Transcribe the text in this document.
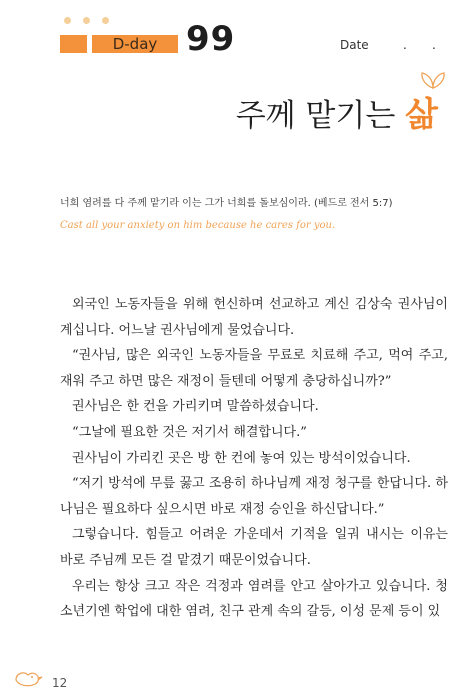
D-day 99	Date	. .
주께 맡기는 삶
너희 염려를 다 주께 맡기라 이는 그가 너희를 돌보심이라. (베드로 전서 5:7)
Cast all your anxiety on him because he cares for you.

외국인 노동자들을 위해 헌신하며 선교하고 계신 김상숙 권사님이 계십니다. 어느날 권사님에게 물었습니다.

“권사님, 많은 외국인 노동자들을 무료로 치료해 주고, 먹여 주고, 재워 주고 하면 많은 재정이 들텐데 어떻게 충당하십니까?”

권사님은 한 컨을 가리키며 말씀하셨습니다.

“그날에 필요한 것은 저기서 해결합니다.”

권사님이 가리킨 곳은 방 한 컨에 놓여 있는 방석이었습니다.

“저기 방석에 무릎 꿇고 조용히 하나님께 재정 청구를 한답니다. 하나님은 필요하다 싶으시면 바로 재정 승인을 하신답니다.”

그렇습니다. 힘들고 어려운 가운데서 기적을 일궈 내시는 이유는 바로 주님께 모든 걸 맡겼기 때문이었습니다.

우리는 항상 크고 작은 걱정과 염려를 안고 살아가고 있습니다. 청소년기엔 학업에 대한 염려, 친구 관계 속의 갈등, 이성 문제 등이 있

12
